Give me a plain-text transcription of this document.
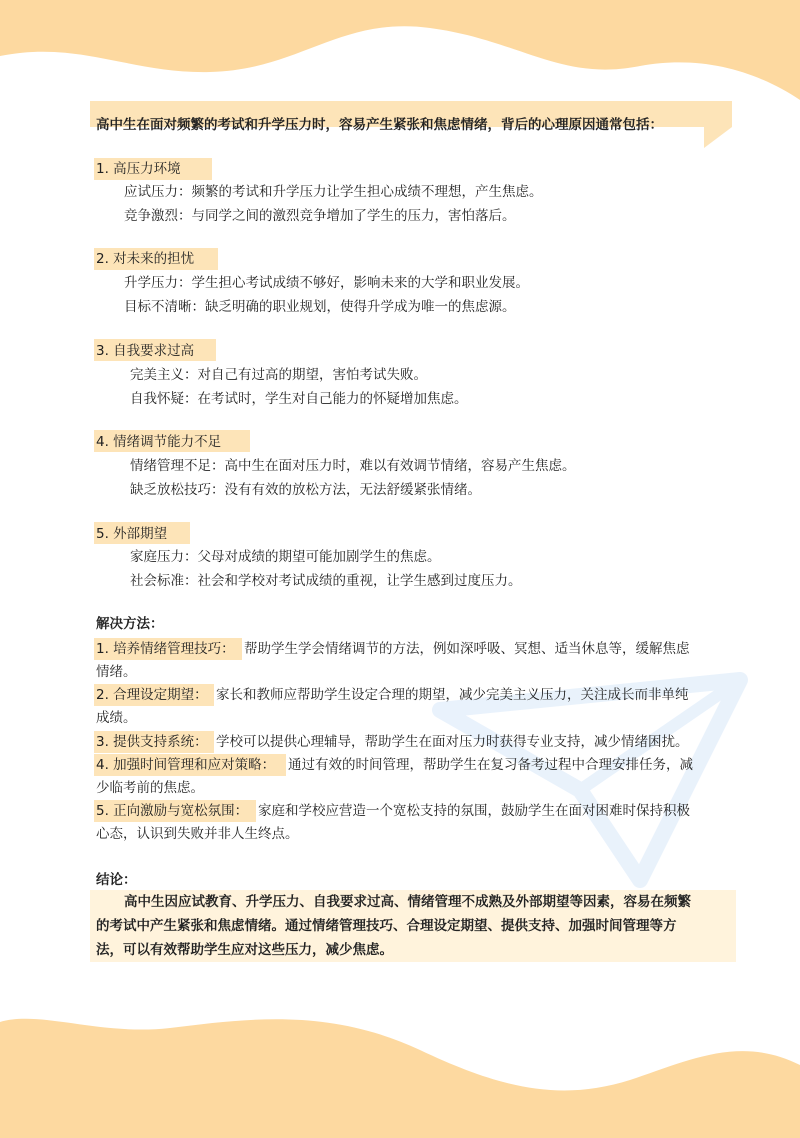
高中生在面对频繁的考试和升学压力时，容易产生紧张和焦虑情绪，背后的心理原因通常包括：
1. 高压力环境
应试压力：频繁的考试和升学压力让学生担心成绩不理想，产生焦虑。
竞争激烈：与同学之间的激烈竞争增加了学生的压力，害怕落后。
2. 对未来的担忧
升学压力：学生担心考试成绩不够好，影响未来的大学和职业发展。
目标不清晰：缺乏明确的职业规划，使得升学成为唯一的焦虑源。
3. 自我要求过高
完美主义：对自己有过高的期望，害怕考试失败。
自我怀疑：在考试时，学生对自己能力的怀疑增加焦虑。
4. 情绪调节能力不足
情绪管理不足：高中生在面对压力时，难以有效调节情绪，容易产生焦虑。
缺乏放松技巧：没有有效的放松方法，无法舒缓紧张情绪。
5. 外部期望
家庭压力：父母对成绩的期望可能加剧学生的焦虑。
社会标准：社会和学校对考试成绩的重视，让学生感到过度压力。
解决方法：
1. 培养情绪管理技巧： 帮助学生学会情绪调节的方法，例如深呼吸、冥想、适当休息等，缓解焦虑
情绪。
2. 合理设定期望： 家长和教师应帮助学生设定合理的期望，减少完美主义压力，关注成长而非单纯
成绩。
3. 提供支持系统： 学校可以提供心理辅导，帮助学生在面对压力时获得专业支持，减少情绪困扰。
4. 加强时间管理和应对策略： 通过有效的时间管理，帮助学生在复习备考过程中合理安排任务，减
少临考前的焦虑。
5. 正向激励与宽松氛围： 家庭和学校应营造一个宽松支持的氛围，鼓励学生在面对困难时保持积极
心态，认识到失败并非人生终点。
结论：
高中生因应试教育、升学压力、自我要求过高、情绪管理不成熟及外部期望等因素，容易在频繁
的考试中产生紧张和焦虑情绪。通过情绪管理技巧、合理设定期望、提供支持、加强时间管理等方
法，可以有效帮助学生应对这些压力，减少焦虑。
